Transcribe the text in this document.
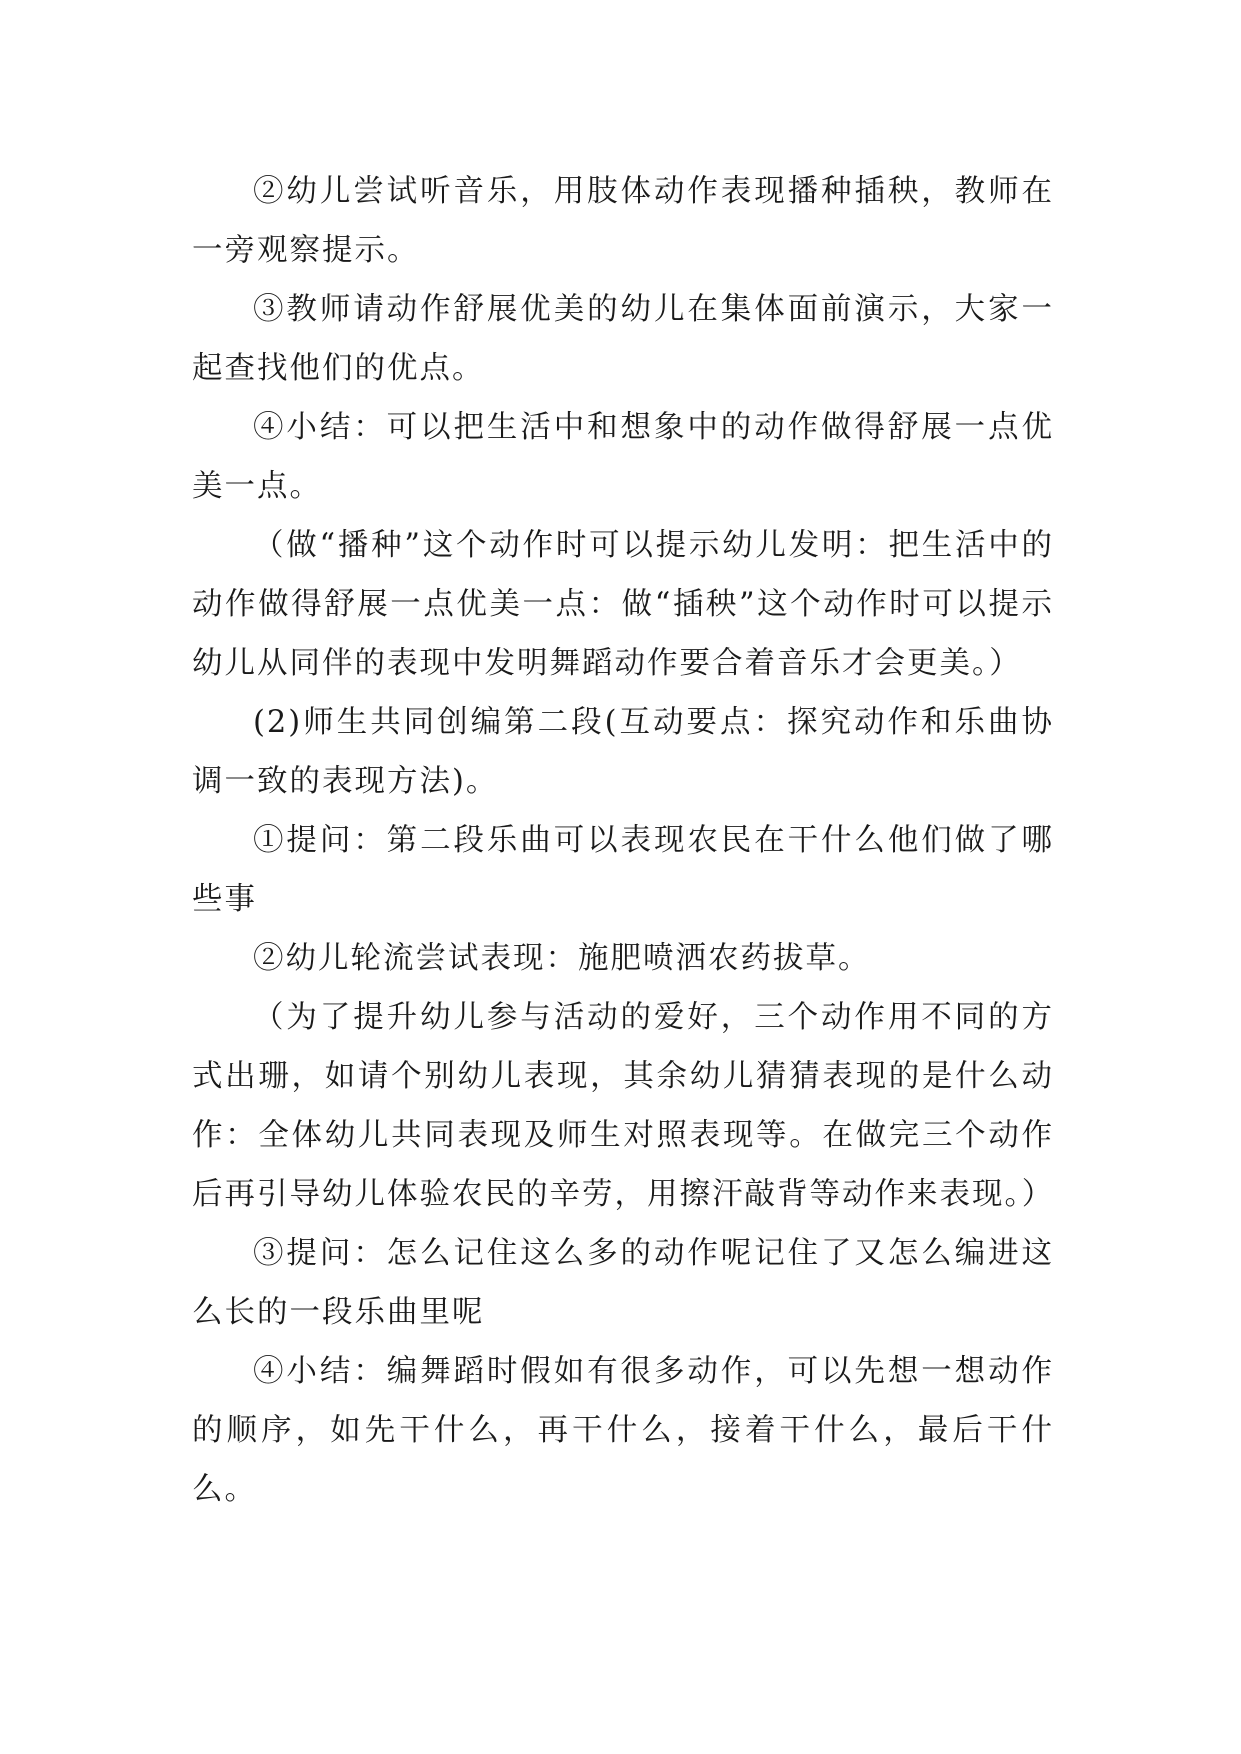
②幼儿尝试听音乐，用肢体动作表现播种插秧，教师在一旁观察提示。

③教师请动作舒展优美的幼儿在集体面前演示，大家一起查找他们的优点。

④小结：可以把生活中和想象中的动作做得舒展一点优美一点。

（做“播种”这个动作时可以提示幼儿发明：把生活中的动作做得舒展一点优美一点：做“插秧”这个动作时可以提示幼儿从同伴的表现中发明舞蹈动作要合着音乐才会更美。）

(2)师生共同创编第二段(互动要点：探究动作和乐曲协调一致的表现方法)。

①提问：第二段乐曲可以表现农民在干什么他们做了哪些事

②幼儿轮流尝试表现：施肥喷洒农药拔草。

（为了提升幼儿参与活动的爱好，三个动作用不同的方式出珊，如请个别幼儿表现，其余幼儿猜猜表现的是什么动作：全体幼儿共同表现及师生对照表现等。在做完三个动作后再引导幼儿体验农民的辛劳，用擦汗敲背等动作来表现。）

③提问：怎么记住这么多的动作呢记住了又怎么编进这么长的一段乐曲里呢

④小结：编舞蹈时假如有很多动作，可以先想一想动作的顺序，如先干什么，再干什么，接着干什么，最后干什么。
